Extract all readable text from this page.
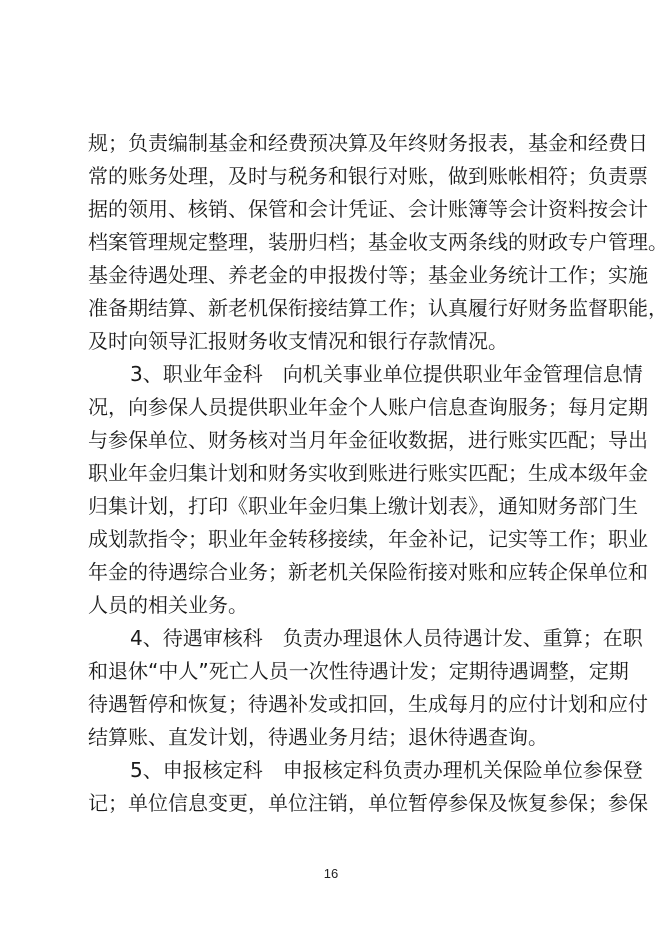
规；负责编制基金和经费预决算及年终财务报表，基金和经费日
常的账务处理，及时与税务和银行对账，做到账帐相符；负责票
据的领用、核销、保管和会计凭证、会计账簿等会计资料按会计
档案管理规定整理，装册归档；基金收支两条线的财政专户管理。
基金待遇处理、养老金的申报拨付等；基金业务统计工作；实施
准备期结算、新老机保衔接结算工作；认真履行好财务监督职能，
及时向领导汇报财务收支情况和银行存款情况。
3、职业年金科　向机关事业单位提供职业年金管理信息情
况，向参保人员提供职业年金个人账户信息查询服务；每月定期
与参保单位、财务核对当月年金征收数据，进行账实匹配；导出
职业年金归集计划和财务实收到账进行账实匹配；生成本级年金
归集计划，打印《职业年金归集上缴计划表》，通知财务部门生
成划款指令；职业年金转移接续，年金补记，记实等工作；职业
年金的待遇综合业务；新老机关保险衔接对账和应转企保单位和
人员的相关业务。
4、待遇审核科　负责办理退休人员待遇计发、重算；在职
和退休“中人”死亡人员一次性待遇计发；定期待遇调整，定期
待遇暂停和恢复；待遇补发或扣回，生成每月的应付计划和应付
结算账、直发计划，待遇业务月结；退休待遇查询。
5、申报核定科　申报核定科负责办理机关保险单位参保登
记；单位信息变更，单位注销，单位暂停参保及恢复参保；参保
16
